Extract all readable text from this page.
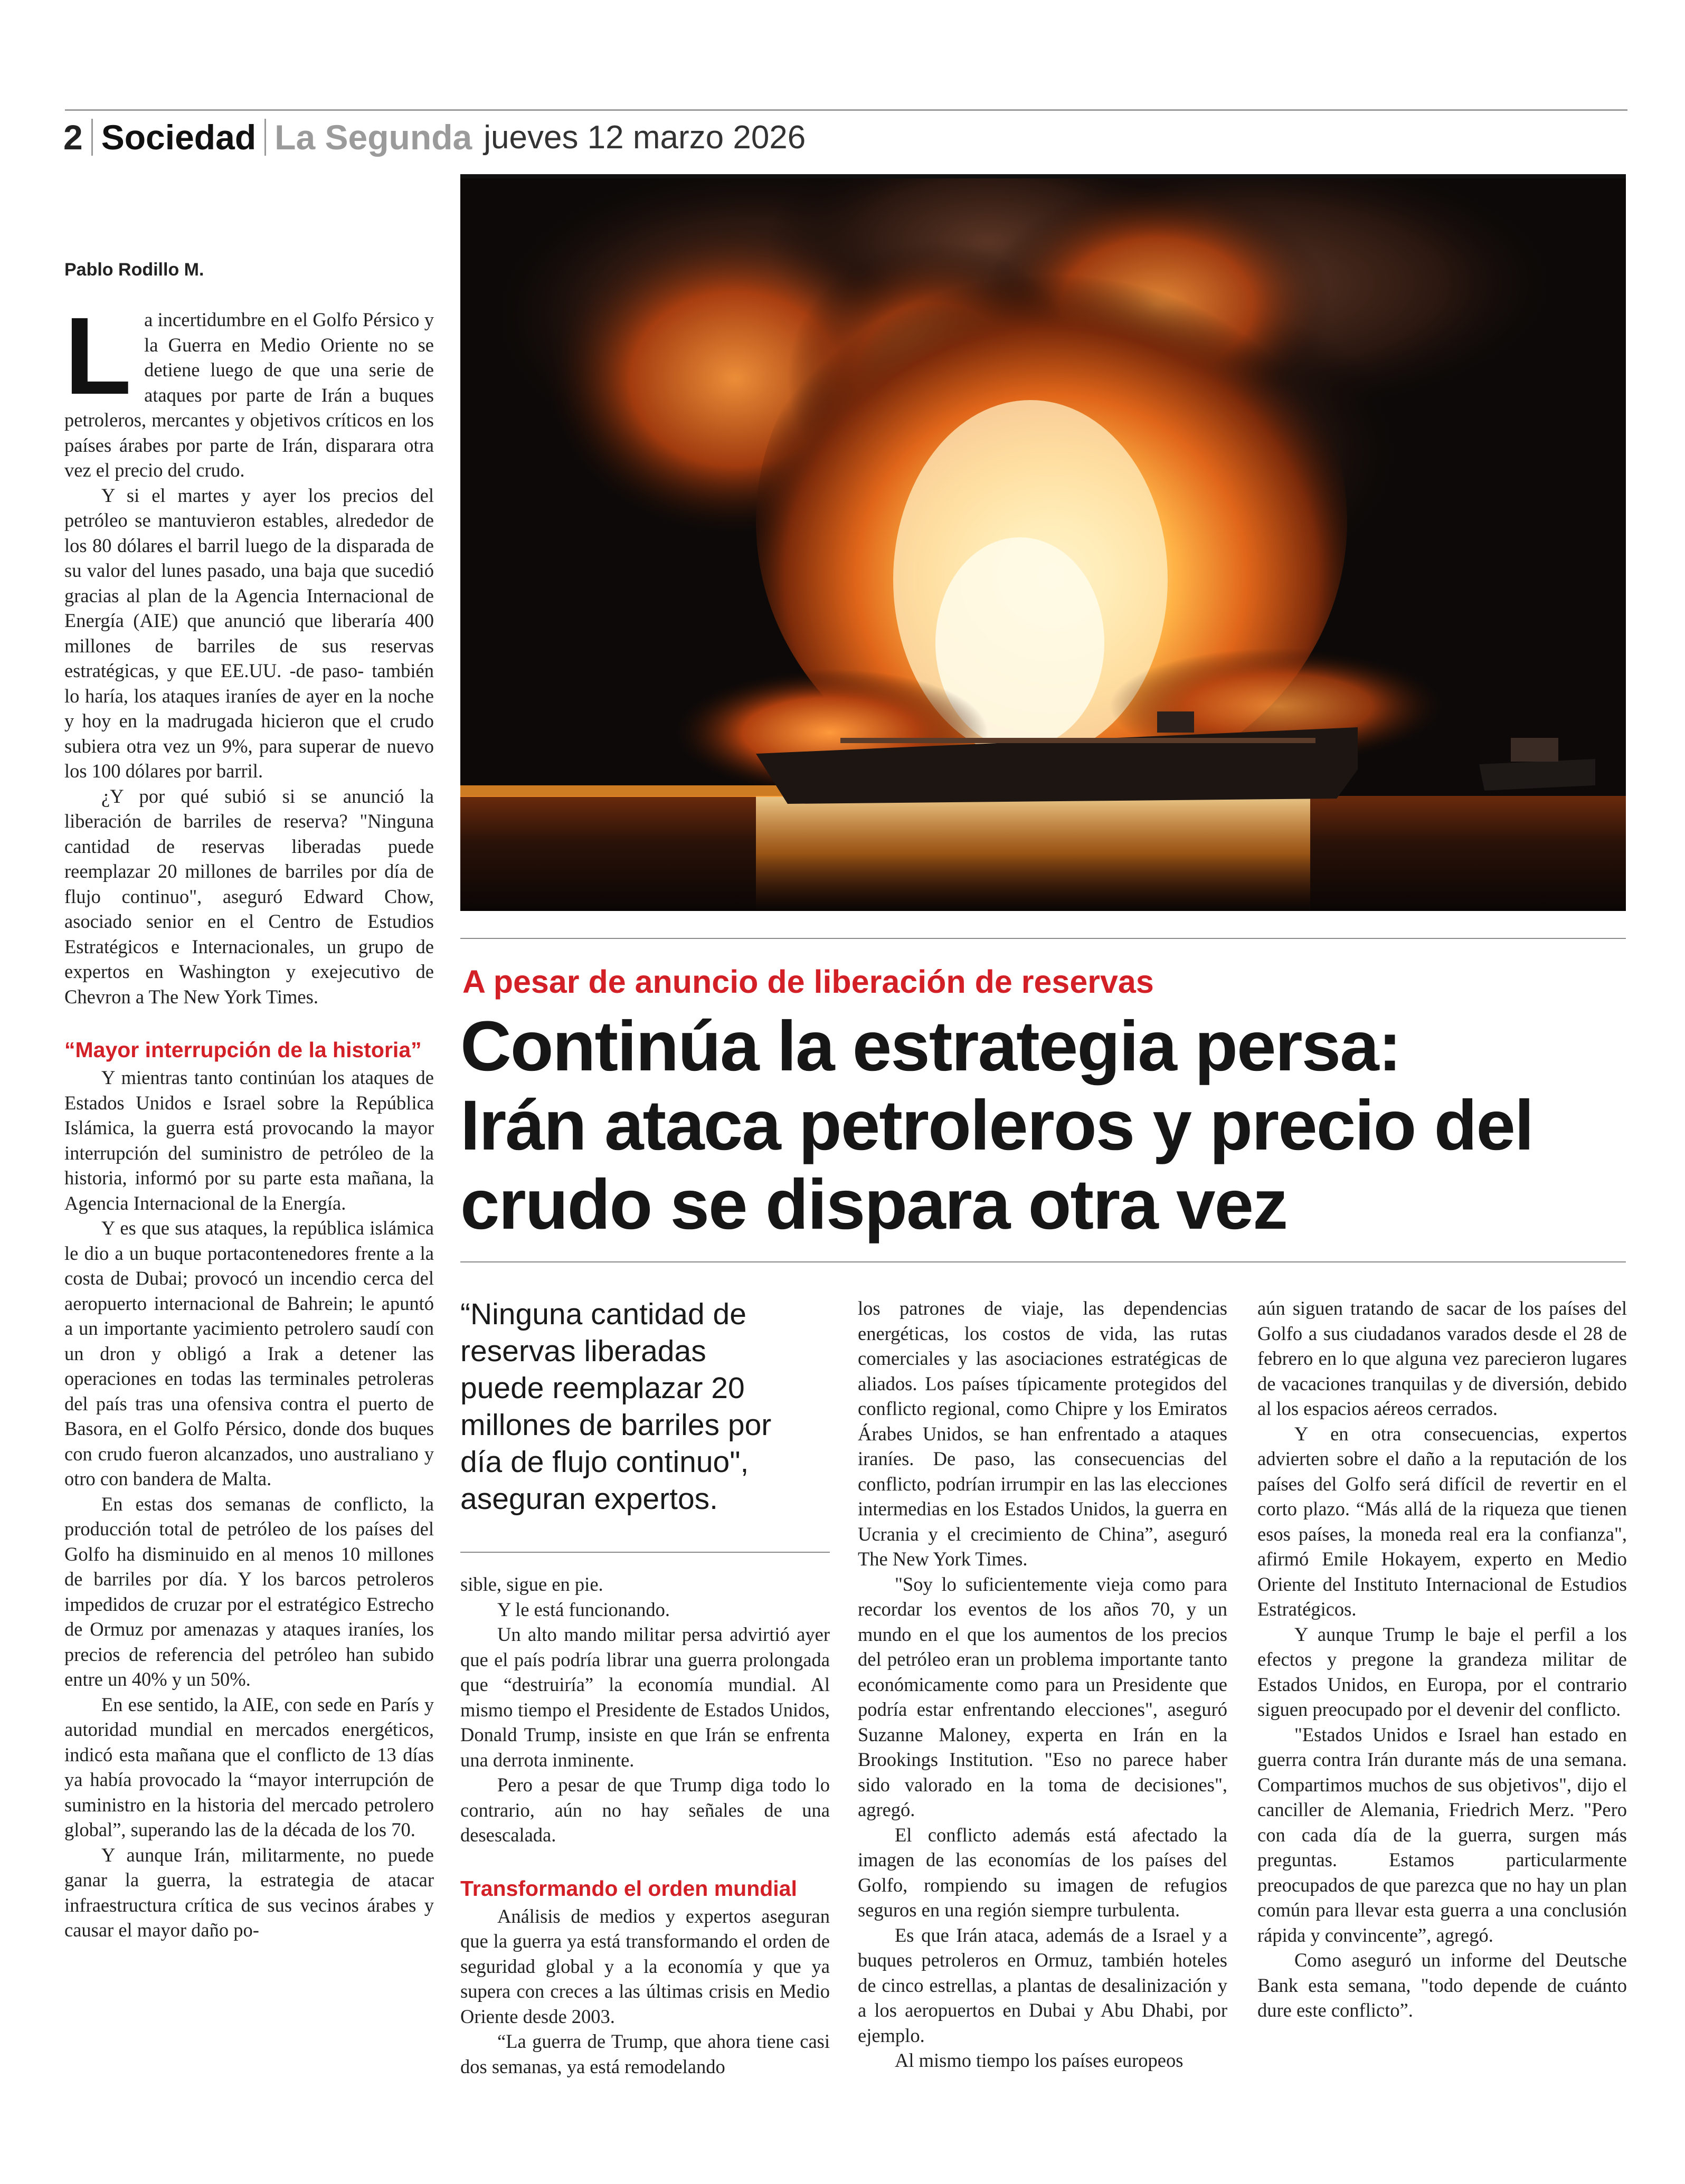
2 Sociedad La Segunda jueves 12 marzo 2026
Pablo Rodillo M.

La incertidumbre en el Golfo Pérsico y la Guerra en Medio Oriente no se detiene luego de que una serie de ataques por parte de Irán a buques petroleros, mercantes y objetivos críticos en los países árabes por parte de Irán, disparara otra vez el precio del crudo.

Y si el martes y ayer los precios del petróleo se mantuvieron estables, alrededor de los 80 dólares el barril luego de la disparada de su valor del lunes pasado, una baja que sucedió gracias al plan de la Agencia Internacional de Energía (AIE) que anunció que liberaría 400 millones de barriles de sus reservas estratégicas, y que EE.UU. -de paso- también lo haría, los ataques iraníes de ayer en la noche y hoy en la madrugada hicieron que el crudo subiera otra vez un 9%, para superar de nuevo los 100 dólares por barril.

¿Y por qué subió si se anunció la liberación de barriles de reserva? "Ninguna cantidad de reservas liberadas puede reemplazar 20 millones de barriles por día de flujo continuo", aseguró Edward Chow, asociado senior en el Centro de Estudios Estratégicos e Internacionales, un grupo de expertos en Washington y exejecutivo de Chevron a The New York Times.

“Mayor interrupción de la historia”

Y mientras tanto continúan los ataques de Estados Unidos e Israel sobre la República Islámica, la guerra está provocando la mayor interrupción del suministro de petróleo de la historia, informó por su parte esta mañana, la Agencia Internacional de la Energía.

Y es que sus ataques, la república islámica le dio a un buque portacontenedores frente a la costa de Dubai; provocó un incendio cerca del aeropuerto internacional de Bahrein; le apuntó a un importante yacimiento petrolero saudí con un dron y obligó a Irak a detener las operaciones en todas las terminales petroleras del país tras una ofensiva contra el puerto de Basora, en el Golfo Pérsico, donde dos buques con crudo fueron alcanzados, uno australiano y otro con bandera de Malta.

En estas dos semanas de conflicto, la producción total de petróleo de los países del Golfo ha disminuido en al menos 10 millones de barriles por día. Y los barcos petroleros impedidos de cruzar por el estratégico Estrecho de Ormuz por amenazas y ataques iraníes, los precios de referencia del petróleo han subido entre un 40% y un 50%.

En ese sentido, la AIE, con sede en París y autoridad mundial en mercados energéticos, indicó esta mañana que el conflicto de 13 días ya había provocado la “mayor interrupción de suministro en la historia del mercado petrolero global”, superando las de la década de los 70.

Y aunque Irán, militarmente, no puede ganar la guerra, la estrategia de atacar infraestructura crítica de sus vecinos árabes y causar el mayor daño po-

A pesar de anuncio de liberación de reservas
Continúa la estrategia persa:
Irán ataca petroleros y precio del
crudo se dispara otra vez
“Ninguna cantidad de
reservas liberadas
puede reemplazar 20
millones de barriles por
día de flujo continuo",
aseguran expertos.

sible, sigue en pie.

Y le está funcionando.

Un alto mando militar persa advirtió ayer que el país podría librar una guerra prolongada que “destruiría” la economía mundial. Al mismo tiempo el Presidente de Estados Unidos, Donald Trump, insiste en que Irán se enfrenta una derrota inminente.

Pero a pesar de que Trump diga todo lo contrario, aún no hay señales de una desescalada.

Transformando el orden mundial

Análisis de medios y expertos aseguran que la guerra ya está transformando el orden de seguridad global y a la economía y que ya supera con creces a las últimas crisis en Medio Oriente desde 2003.

“La guerra de Trump, que ahora tiene casi dos semanas, ya está remodelando

los patrones de viaje, las dependencias energéticas, los costos de vida, las rutas comerciales y las asociaciones estratégicas de aliados. Los países típicamente protegidos del conflicto regional, como Chipre y los Emiratos Árabes Unidos, se han enfrentado a ataques iraníes. De paso, las consecuencias del conflicto, podrían irrumpir en las las elecciones intermedias en los Estados Unidos, la guerra en Ucrania y el crecimiento de China”, aseguró The New York Times.

"Soy lo suficientemente vieja como para recordar los eventos de los años 70, y un mundo en el que los aumentos de los precios del petróleo eran un problema importante tanto económicamente como para un Presidente que podría estar enfrentando elecciones", aseguró Suzanne Maloney, experta en Irán en la Brookings Institution. "Eso no parece haber sido valorado en la toma de decisiones", agregó.

El conflicto además está afectado la imagen de las economías de los países del Golfo, rompiendo su imagen de refugios seguros en una región siempre turbulenta.

Es que Irán ataca, además de a Israel y a buques petroleros en Ormuz, también hoteles de cinco estrellas, a plantas de desalinización y a los aeropuertos en Dubai y Abu Dhabi, por ejemplo.

Al mismo tiempo los países europeos

aún siguen tratando de sacar de los países del Golfo a sus ciudadanos varados desde el 28 de febrero en lo que alguna vez parecieron lugares de vacaciones tranquilas y de diversión, debido al los espacios aéreos cerrados.

Y en otra consecuencias, expertos advierten sobre el daño a la reputación de los países del Golfo será difícil de revertir en el corto plazo. “Más allá de la riqueza que tienen esos países, la moneda real era la confianza", afirmó Emile Hokayem, experto en Medio Oriente del Instituto Internacional de Estudios Estratégicos.

Y aunque Trump le baje el perfil a los efectos y pregone la grandeza militar de Estados Unidos, en Europa, por el contrario siguen preocupado por el devenir del conflicto.

"Estados Unidos e Israel han estado en guerra contra Irán durante más de una semana. Compartimos muchos de sus objetivos", dijo el canciller de Alemania, Friedrich Merz. "Pero con cada día de la guerra, surgen más preguntas. Estamos particularmente preocupados de que parezca que no hay un plan común para llevar esta guerra a una conclusión rápida y convincente”, agregó.

Como aseguró un informe del Deutsche Bank esta semana, "todo depende de cuánto dure este conflicto”.
